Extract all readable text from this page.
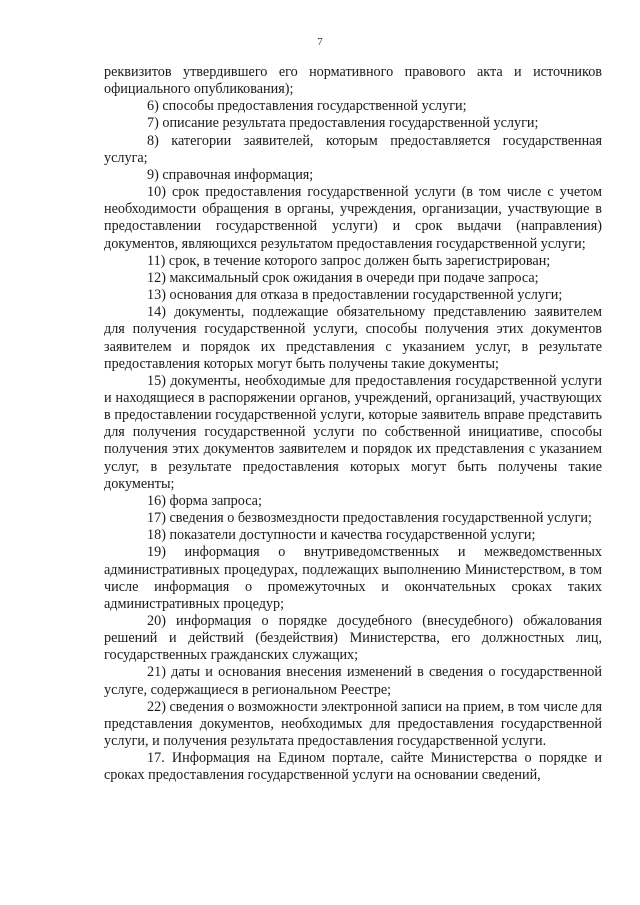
7

реквизитов утвердившего его нормативного правового акта и источников официального опубликования);

6) способы предоставления государственной услуги;

7) описание результата предоставления государственной услуги;

8) категории заявителей, которым предоставляется государственная услуга;

9) справочная информация;

10) срок предоставления государственной услуги (в том числе с учетом необходимости обращения в органы, учреждения, организации, участвующие в предоставлении государственной услуги) и срок выдачи (направления) документов, являющихся результатом предоставления государственной услуги;

11) срок, в течение которого запрос должен быть зарегистрирован;

12) максимальный срок ожидания в очереди при подаче запроса;

13) основания для отказа в предоставлении государственной услуги;

14) документы, подлежащие обязательному представлению заявителем для получения государственной услуги, способы получения этих документов заявителем и порядок их представления с указанием услуг, в результате предоставления которых могут быть получены такие документы;

15) документы, необходимые для предоставления государственной услуги и находящиеся в распоряжении органов, учреждений, организаций, участвующих в предоставлении государственной услуги, которые заявитель вправе представить для получения государственной услуги по собственной инициативе, способы получения этих документов заявителем и порядок их представления с указанием услуг, в результате предоставления которых могут быть получены такие документы;

16) форма запроса;

17) сведения о безвозмездности предоставления государственной услуги;

18) показатели доступности и качества государственной услуги;

19) информация о внутриведомственных и межведомственных административных процедурах, подлежащих выполнению Министерством, в том числе информация о промежуточных и окончательных сроках таких административных процедур;

20) информация о порядке досудебного (внесудебного) обжалования решений и действий (бездействия) Министерства, его должностных лиц, государственных гражданских служащих;

21) даты и основания внесения изменений в сведения о государственной услуге, содержащиеся в региональном Реестре;

22) сведения о возможности электронной записи на прием, в том числе для представления документов, необходимых для предоставления государственной услуги, и получения результата предоставления государственной услуги.

17. Информация на Едином портале, сайте Министерства о порядке и сроках предоставления государственной услуги на основании сведений,
